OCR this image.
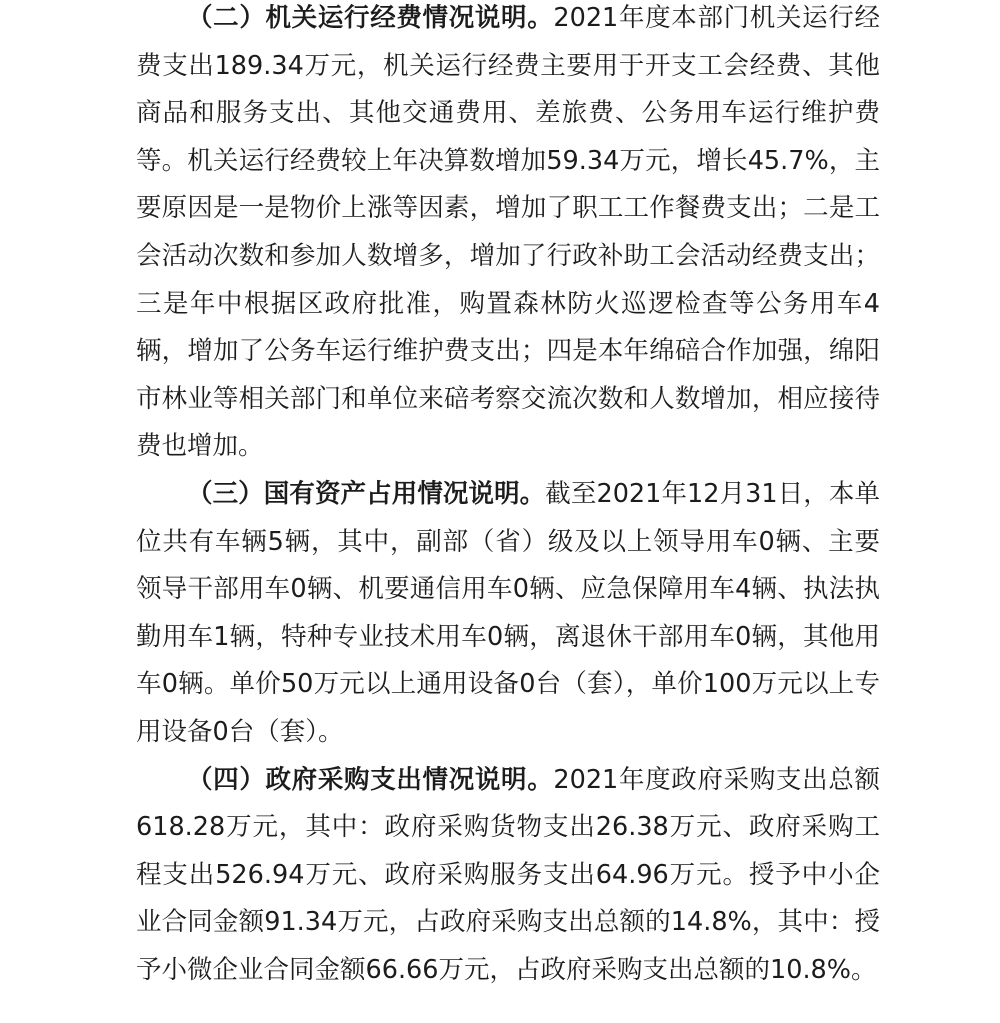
（二）机关运行经费情况说明。2021年度本部门机关运行经费支出189.34万元，机关运行经费主要用于开支工会经费、其他商品和服务支出、其他交通费用、差旅费、公务用车运行维护费等。机关运行经费较上年决算数增加59.34万元，增长45.7%，主要原因是一是物价上涨等因素，增加了职工工作餐费支出；二是工会活动次数和参加人数增多，增加了行政补助工会活动经费支出；三是年中根据区政府批准，购置森林防火巡逻检查等公务用车4辆，增加了公务车运行维护费支出；四是本年绵碚合作加强，绵阳市林业等相关部门和单位来碚考察交流次数和人数增加，相应接待费也增加。

（三）国有资产占用情况说明。截至2021年12月31日，本单位共有车辆5辆，其中，副部（省）级及以上领导用车0辆、主要领导干部用车0辆、机要通信用车0辆、应急保障用车4辆、执法执勤用车1辆，特种专业技术用车0辆，离退休干部用车0辆，其他用车0辆。单价50万元以上通用设备0台（套），单价100万元以上专用设备0台（套）。

（四）政府采购支出情况说明。2021年度政府采购支出总额618.28万元，其中：政府采购货物支出26.38万元、政府采购工程支出526.94万元、政府采购服务支出64.96万元。授予中小企业合同金额91.34万元，占政府采购支出总额的14.8%，其中：授予小微企业合同金额66.66万元，占政府采购支出总额的10.8%。
